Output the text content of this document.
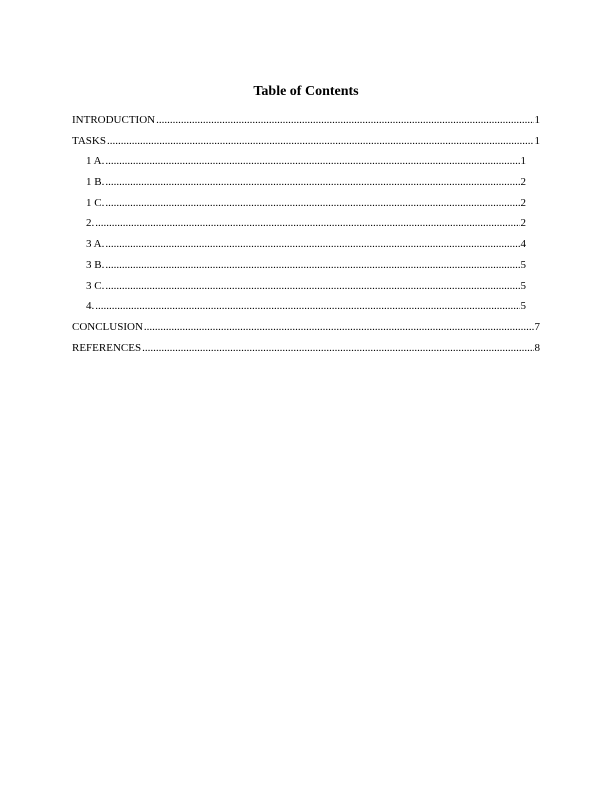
Table of Contents
INTRODUCTION .....	1
TASKS .....	1
1 A. .....	1
1 B. .....	2
1 C. .....	2
2. .....	2
3 A. .....	4
3 B. .....	5
3 C. .....	5
4. .....	5
CONCLUSION .....	7
REFERENCES .....	8
